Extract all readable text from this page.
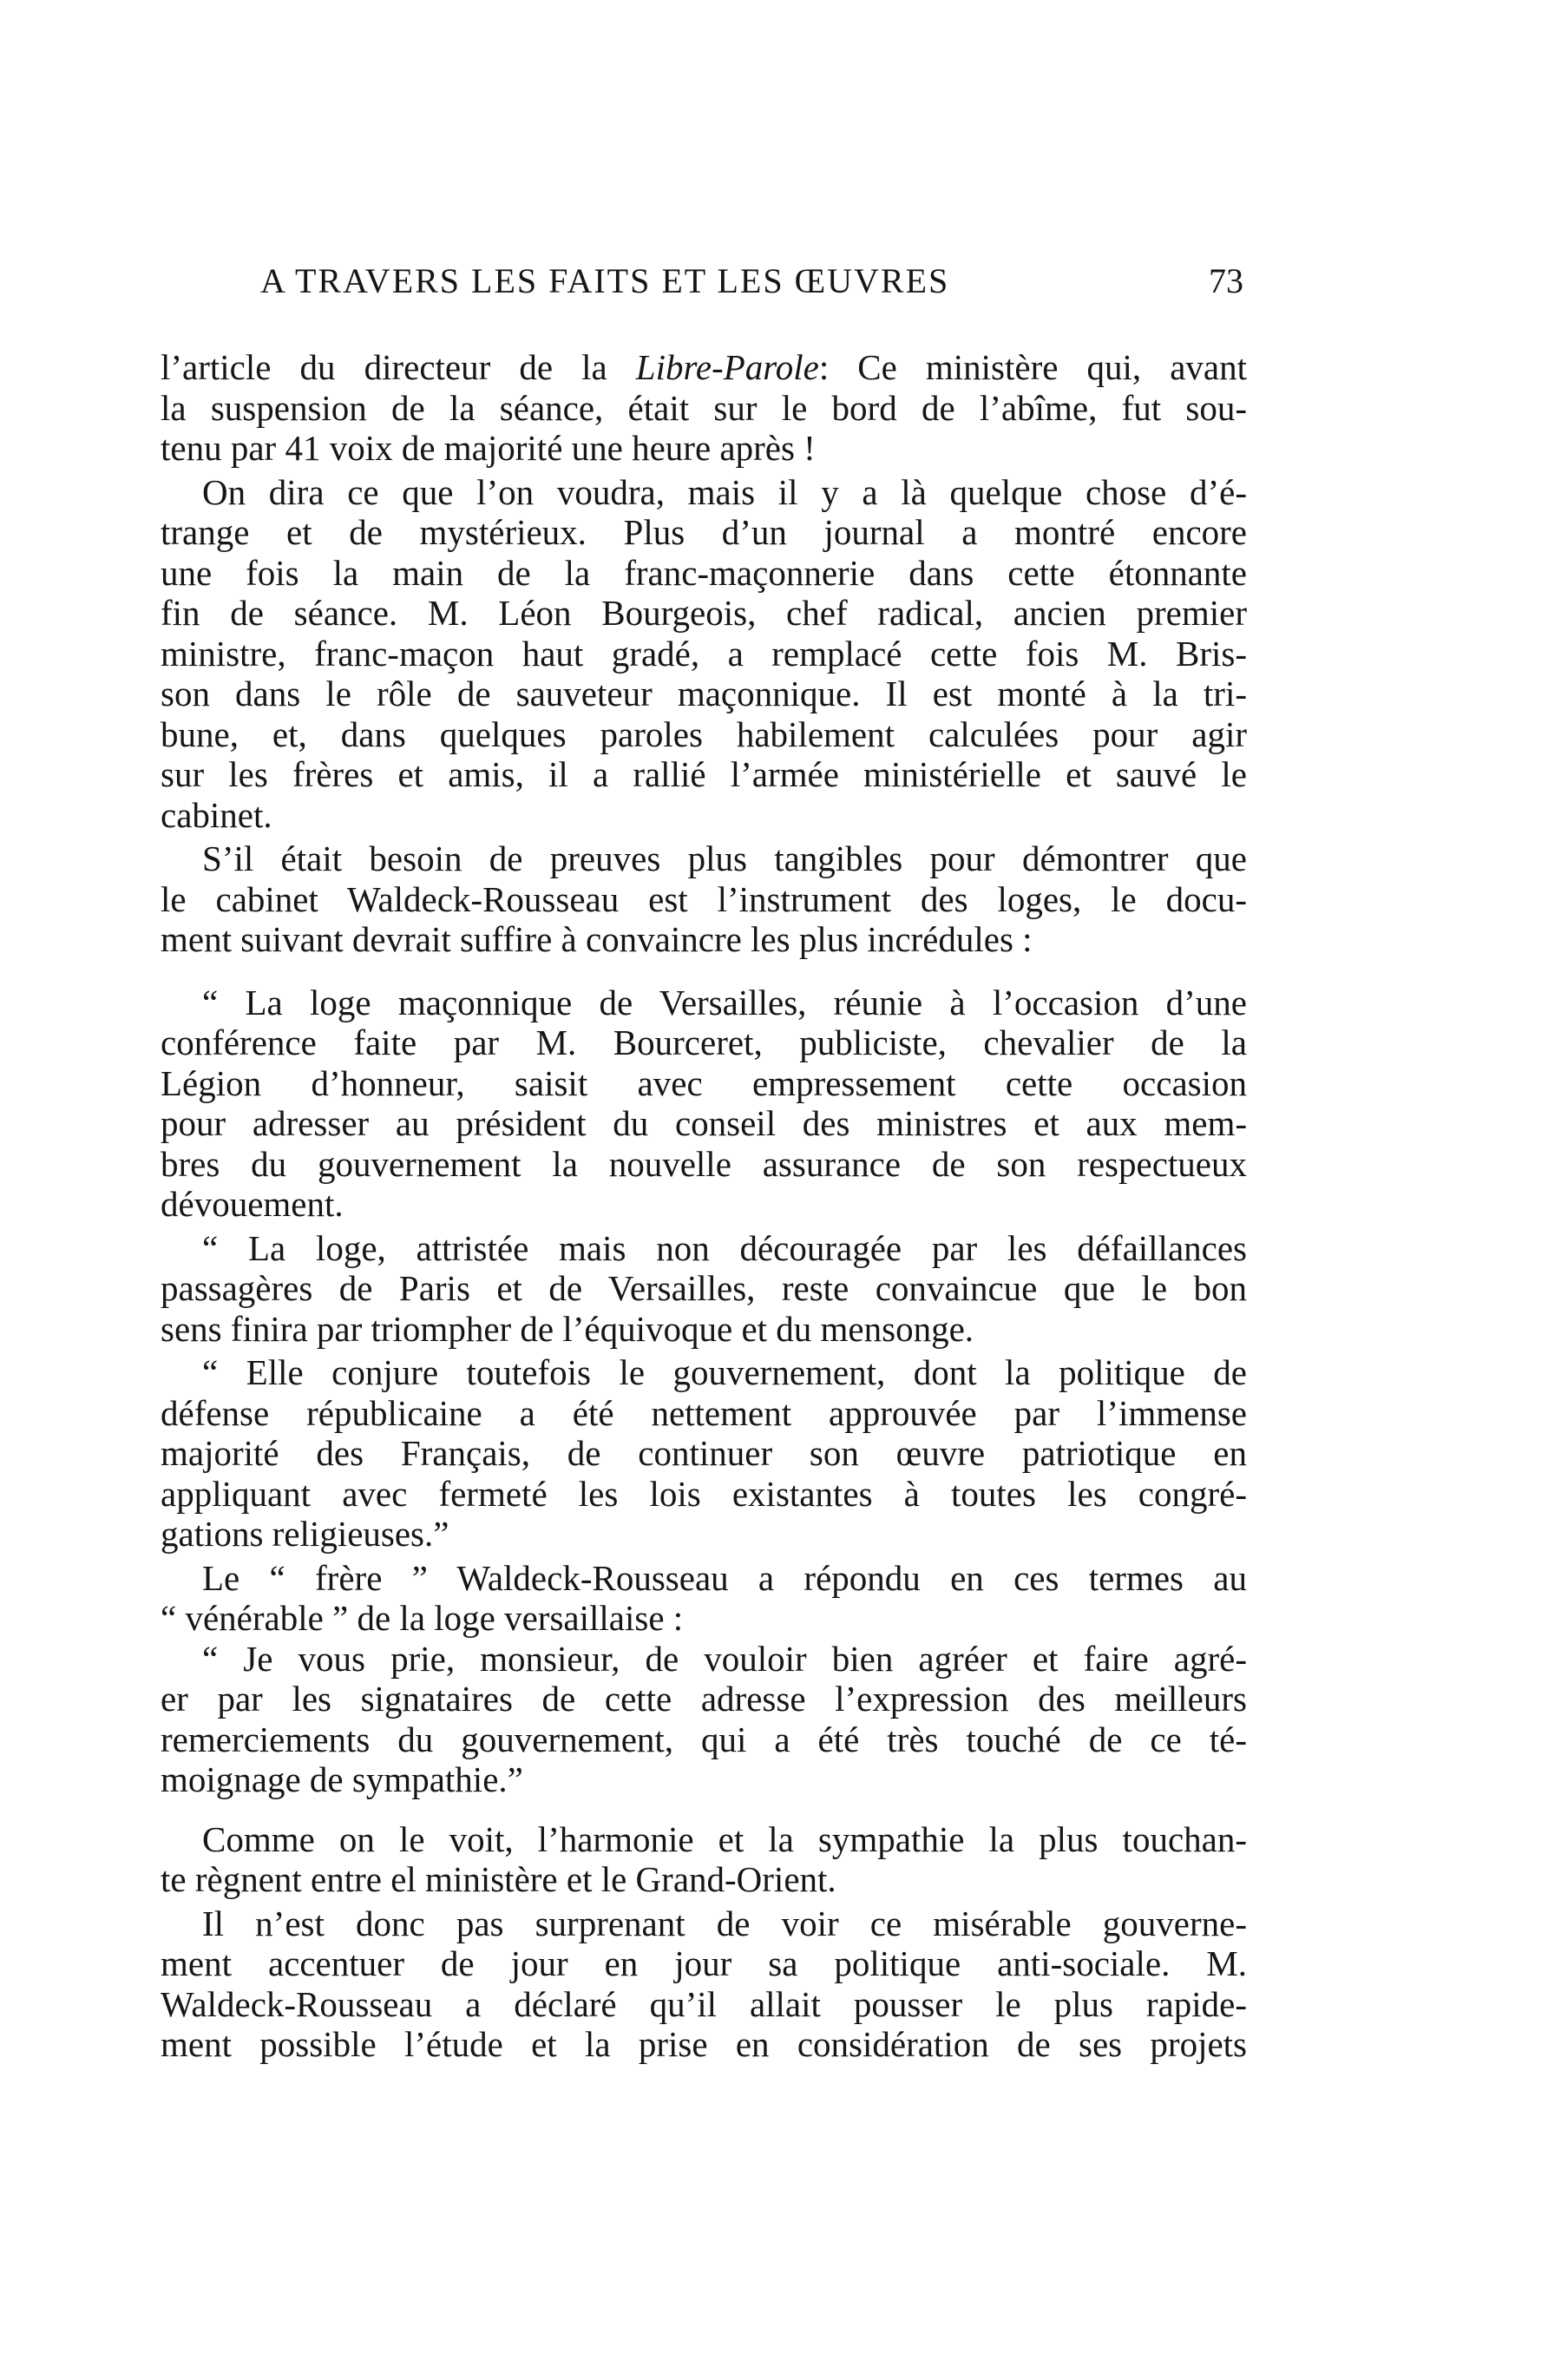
A TRAVERS LES FAITS ET LES ŒUVRES	73
l’article du directeur de la Libre-Parole: Ce ministère qui, avant
la suspension de la séance, était sur le bord de l’abîme, fut sou-
tenu par 41 voix de majorité une heure après !
On dira ce que l’on voudra, mais il y a là quelque chose d’é-
trange et de mystérieux. Plus d’un journal a montré encore
une fois la main de la franc-maçonnerie dans cette étonnante
fin de séance. M. Léon Bourgeois, chef radical, ancien premier
ministre, franc-maçon haut gradé, a remplacé cette fois M. Bris-
son dans le rôle de sauveteur maçonnique. Il est monté à la tri-
bune, et, dans quelques paroles habilement calculées pour agir
sur les frères et amis, il a rallié l’armée ministérielle et sauvé le
cabinet.
S’il était besoin de preuves plus tangibles pour démontrer que
le cabinet Waldeck-Rousseau est l’instrument des loges, le docu-
ment suivant devrait suffire à convaincre les plus incrédules :
“ La loge maçonnique de Versailles, réunie à l’occasion d’une
conférence faite par M. Bourceret, publiciste, chevalier de la
Légion d’honneur, saisit avec empressement cette occasion
pour adresser au président du conseil des ministres et aux mem-
bres du gouvernement la nouvelle assurance de son respectueux
dévouement.
“ La loge, attristée mais non découragée par les défaillances
passagères de Paris et de Versailles, reste convaincue que le bon
sens finira par triompher de l’équivoque et du mensonge.
“ Elle conjure toutefois le gouvernement, dont la politique de
défense républicaine a été nettement approuvée par l’immense
majorité des Français, de continuer son œuvre patriotique en
appliquant avec fermeté les lois existantes à toutes les congré-
gations religieuses.”
Le “ frère ” Waldeck-Rousseau a répondu en ces termes au
“ vénérable ” de la loge versaillaise :
“ Je vous prie, monsieur, de vouloir bien agréer et faire agré-
er par les signataires de cette adresse l’expression des meilleurs
remerciements du gouvernement, qui a été très touché de ce té-
moignage de sympathie.”
Comme on le voit, l’harmonie et la sympathie la plus touchan-
te règnent entre el ministère et le Grand-Orient.
Il n’est donc pas surprenant de voir ce misérable gouverne-
ment accentuer de jour en jour sa politique anti-sociale. M.
Waldeck-Rousseau a déclaré qu’il allait pousser le plus rapide-
ment possible l’étude et la prise en considération de ses projets
